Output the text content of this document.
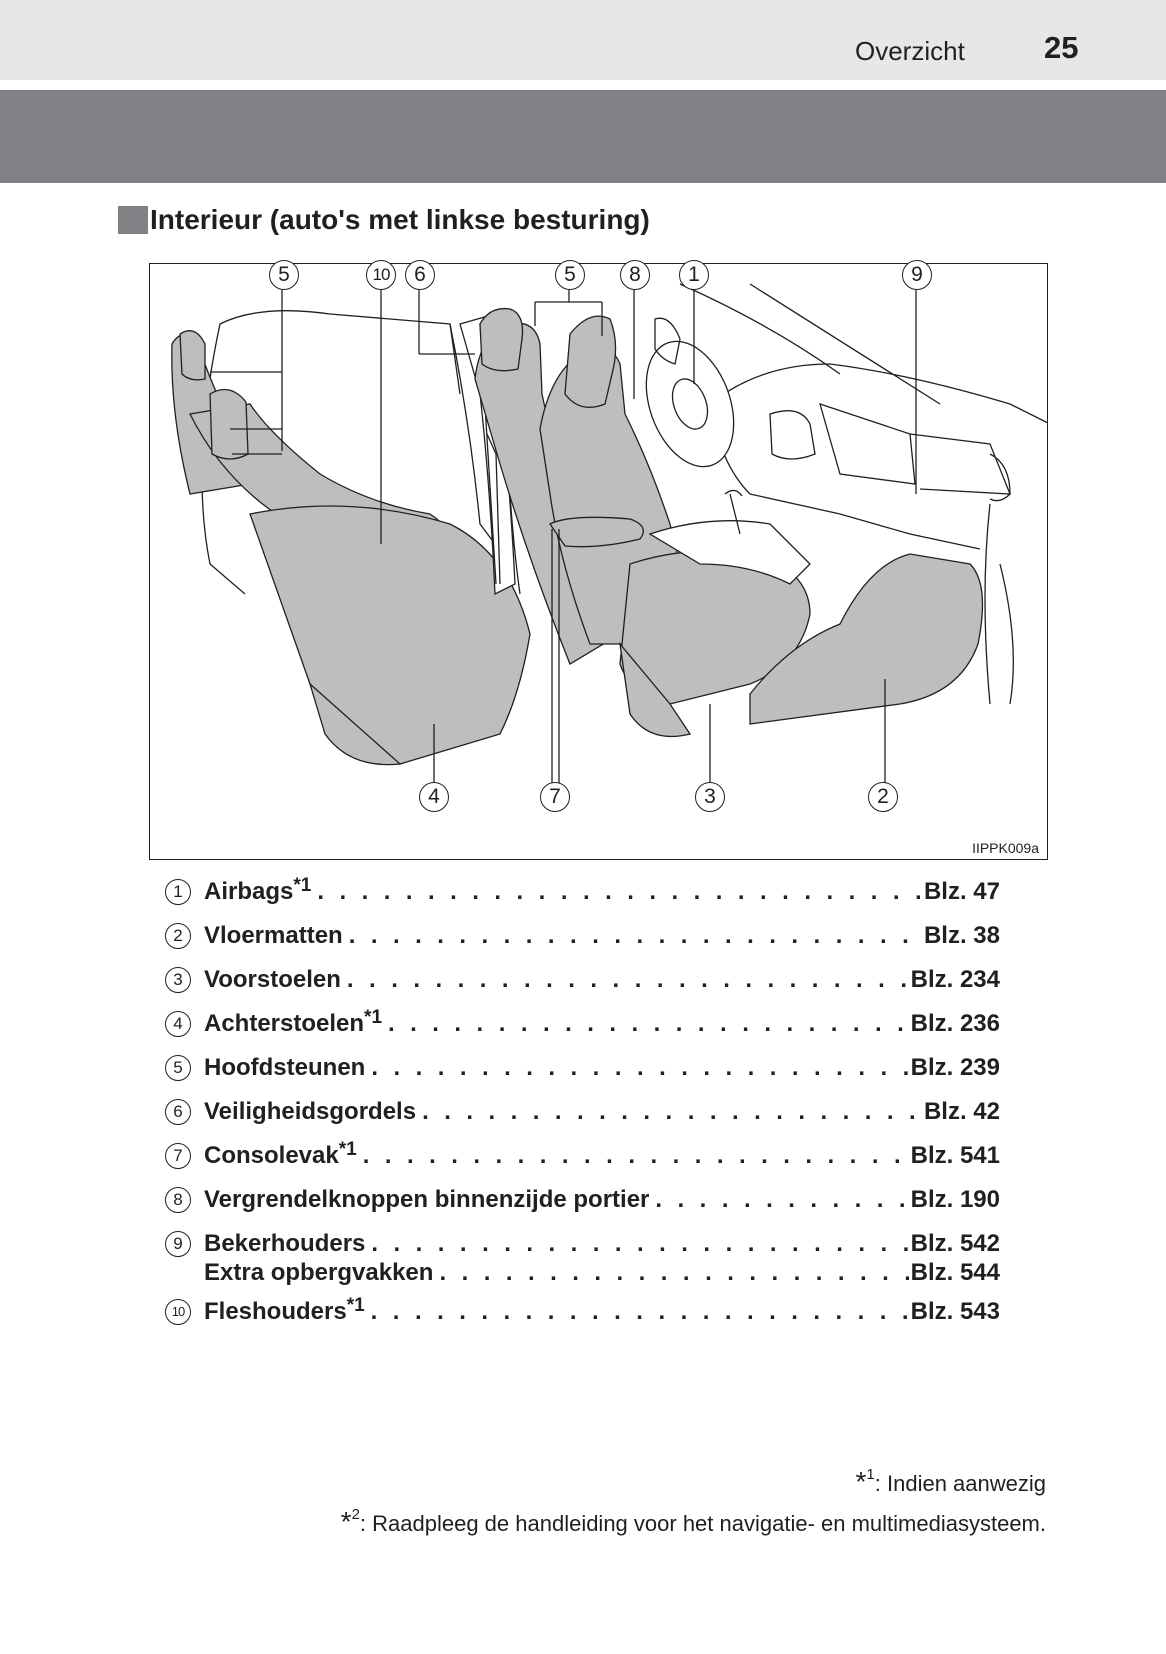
Overzicht	25
Interieur (auto's met linkse besturing)
5	10	6	5	8	1	9
4	7	3	2
IIPPK009a
1 Airbags$^{*1}$ . . .	Blz. 47
2 Vloermatten . . .	Blz. 38
3 Voorstoelen . . .	Blz. 234
4 Achterstoelen$^{*1}$ . . .	Blz. 236
5 Hoofdsteunen . . .	Blz. 239
6 Veiligheidsgordels . . .	Blz. 42
7 Consolevak$^{*1}$ . . .	Blz. 541
8 Vergrendelknoppen binnenzijde portier . . .	Blz. 190
9 Bekerhouders . . .	Blz. 542
Extra opbergvakken . . .	Blz. 544
10 Fleshouders$^{*1}$ . . .	Blz. 543
*$^1$: Indien aanwezig
*$^2$: Raadpleeg de handleiding voor het navigatie- en multimediasysteem.
